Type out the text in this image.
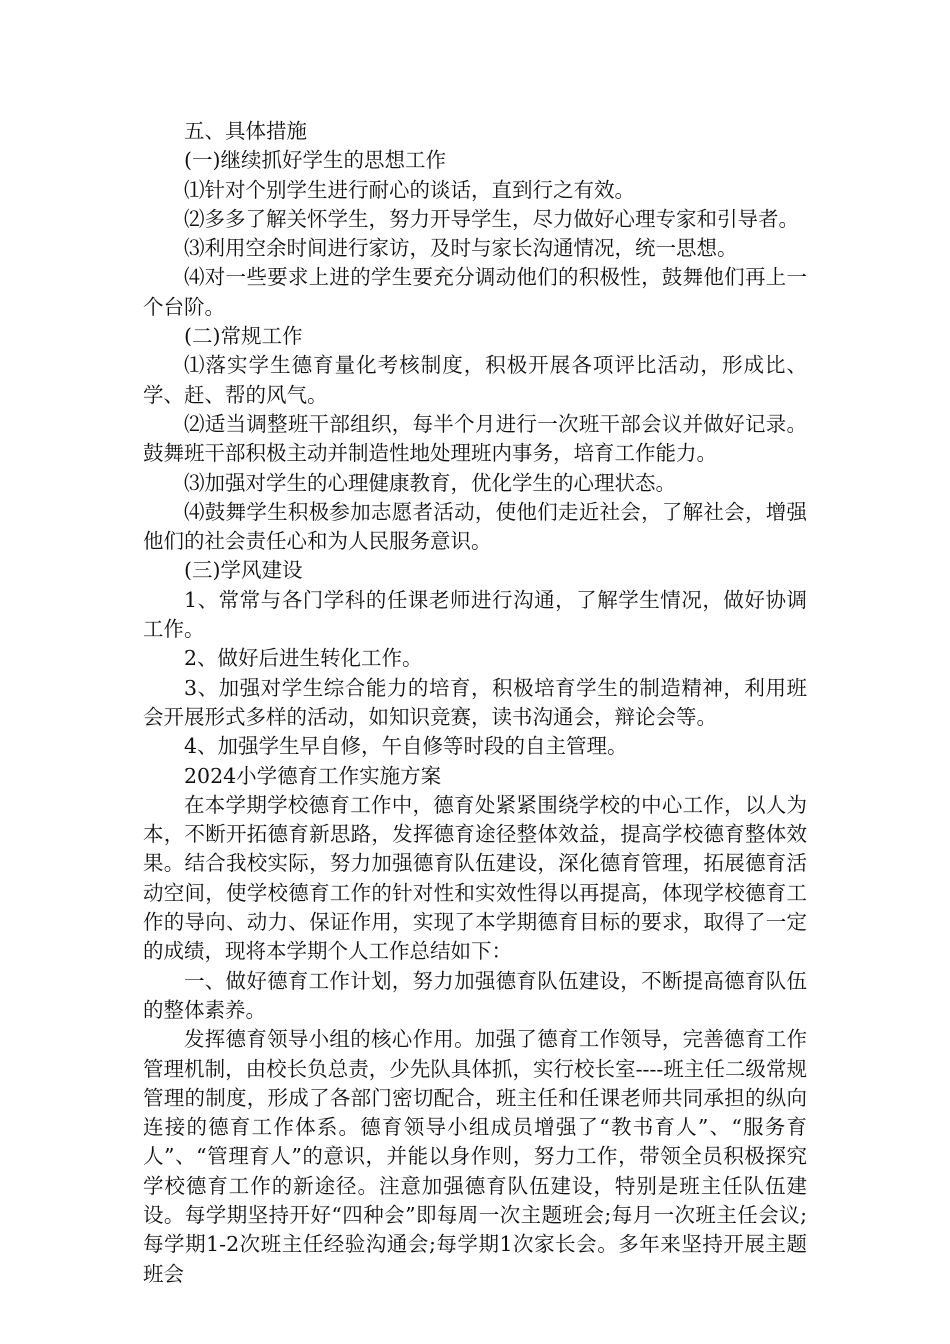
五、具体措施

(一)继续抓好学生的思想工作

⑴针对个别学生进行耐心的谈话，直到行之有效。

⑵多多了解关怀学生，努力开导学生，尽力做好心理专家和引导者。

⑶利用空余时间进行家访，及时与家长沟通情况，统一思想。

⑷对一些要求上进的学生要充分调动他们的积极性，鼓舞他们再上一个台阶。

(二)常规工作

⑴落实学生德育量化考核制度，积极开展各项评比活动，形成比、学、赶、帮的风气。

⑵适当调整班干部组织，每半个月进行一次班干部会议并做好记录。鼓舞班干部积极主动并制造性地处理班内事务，培育工作能力。

⑶加强对学生的心理健康教育，优化学生的心理状态。

⑷鼓舞学生积极参加志愿者活动，使他们走近社会，了解社会，增强他们的社会责任心和为人民服务意识。

(三)学风建设

1、常常与各门学科的任课老师进行沟通，了解学生情况，做好协调工作。

2、做好后进生转化工作。

3、加强对学生综合能力的培育，积极培育学生的制造精神，利用班会开展形式多样的活动，如知识竞赛，读书沟通会，辩论会等。

4、加强学生早自修，午自修等时段的自主管理。

2024小学德育工作实施方案

在本学期学校德育工作中，德育处紧紧围绕学校的中心工作，以人为本，不断开拓德育新思路，发挥德育途径整体效益，提高学校德育整体效果。结合我校实际，努力加强德育队伍建设，深化德育管理，拓展德育活动空间，使学校德育工作的针对性和实效性得以再提高，体现学校德育工作的导向、动力、保证作用，实现了本学期德育目标的要求，取得了一定的成绩，现将本学期个人工作总结如下：

一、做好德育工作计划，努力加强德育队伍建设，不断提高德育队伍的整体素养。

发挥德育领导小组的核心作用。加强了德育工作领导，完善德育工作管理机制，由校长负总责，少先队具体抓，实行校长室----班主任二级常规管理的制度，形成了各部门密切配合，班主任和任课老师共同承担的纵向连接的德育工作体系。德育领导小组成员增强了“教书育人”、“服务育人”、“管理育人”的意识，并能以身作则，努力工作，带领全员积极探究学校德育工作的新途径。注意加强德育队伍建设，特别是班主任队伍建设。每学期坚持开好“四种会”即每周一次主题班会;每月一次班主任会议;每学期1-2次班主任经验沟通会;每学期1次家长会。多年来坚持开展主题班会
